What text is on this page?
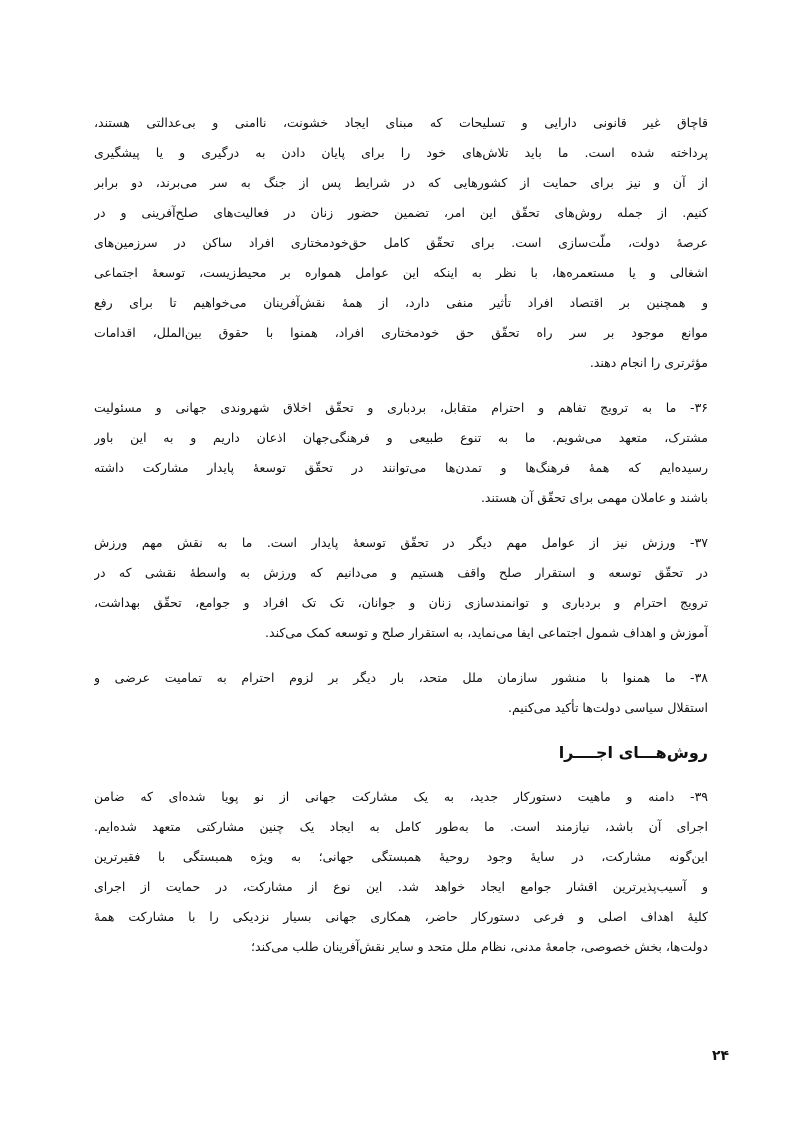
قاچاق غیر قانونی دارایی و تسلیحات که مبنای ایجاد خشونت، ناامنی و بی‌عدالتی هستند،

پرداخته شده است. ما باید تلاش‌های خود را برای پایان دادن به درگیری و یا پیشگیری

از آن و نیز برای حمایت از کشورهایی که در شرایط پس از جنگ به سر می‌برند، دو برابر

کنیم. از جمله روش‌های تحقّق این امر، تضمین حضور زنان در فعالیت‌های صلح‌آفرینی و در

عرصهٔ دولت، ملّت‌سازی است. برای تحقّق کامل حق‌خودمختاری افراد ساکن در سرزمین‌های

اشغالی و یا مستعمره‌ها، با نظر به اینکه این عوامل همواره بر محیط‌زیست، توسعهٔ اجتماعی

و همچنین بر اقتصاد افراد تأثیر منفی دارد، از همهٔ نقش‌آفرینان می‌خواهیم تا برای رفع

موانع موجود بر سر راه تحقّق حق خودمختاری افراد، همنوا با حقوق بین‌الملل، اقدامات

مؤثرتری را انجام دهند.

۳۶- ما به ترویج تفاهم و احترام متقابل، بردباری و تحقّق اخلاق شهروندی جهانی و مسئولیت

مشترک، متعهد می‌شویم. ما به تنوع طبیعی و فرهنگی‌جهان اذعان داریم و به این باور

رسیده‌ایم که همهٔ فرهنگ‌ها و تمدن‌ها می‌توانند در تحقّق توسعهٔ پایدار مشارکت داشته

باشند و عاملان مهمی برای تحقّق آن هستند.

۳۷- ورزش نیز از عوامل مهم دیگر در تحقّق توسعهٔ پایدار است. ما به نقش مهم ورزش

در تحقّق توسعه و استقرار صلح واقف هستیم و می‌دانیم که ورزش به واسطهٔ نقشی که در

ترویج احترام و بردباری و توانمندسازی زنان و جوانان، تک تک افراد و جوامع، تحقّق بهداشت،

آموزش و اهداف شمول اجتماعی ایفا می‌نماید، به استقرار صلح و توسعه کمک می‌کند.

۳۸- ما همنوا با منشور سازمان ملل متحد، بار دیگر بر لزوم احترام به تمامیت عرضی و

استقلال سیاسی دولت‌ها تأکید می‌کنیم.

روش‌هـــای اجــــرا

۳۹- دامنه و ماهیت دستورکار جدید، به یک مشارکت جهانی از نو پویا شده‌ای که ضامن

اجرای آن باشد، نیازمند است. ما به‌طور کامل به ایجاد یک چنین مشارکتی متعهد شده‌ایم.

این‌گونه مشارکت، در سایهٔ وجود روحیهٔ همبستگی جهانی؛ به ویژه همبستگی با فقیرترین

و آسیب‌پذیرترین اقشار جوامع ایجاد خواهد شد. این نوع از مشارکت، در حمایت از اجرای

کلیهٔ اهداف اصلی و فرعی دستورکار حاضر، همکاری جهانی بسیار نزدیکی را با مشارکت همهٔ

دولت‌ها، بخش خصوصی، جامعهٔ مدنی، نظام ملل متحد و سایر نقش‌آفرینان طلب می‌کند؛

۲۴
